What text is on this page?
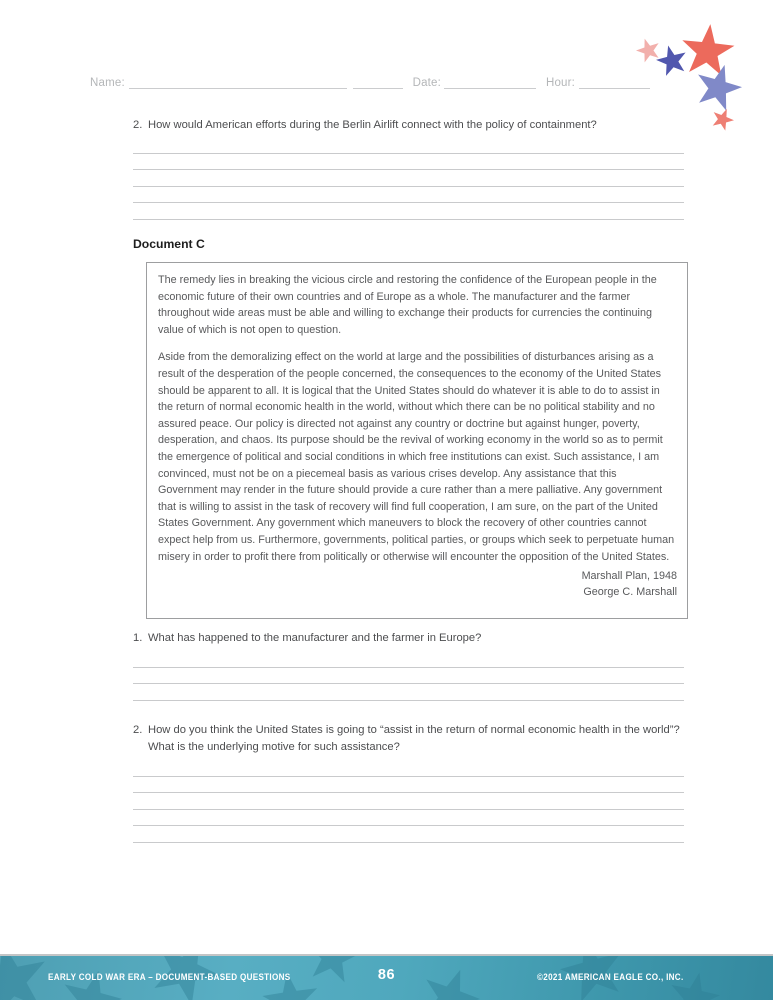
Name:	Date:	Hour:
2. How would American efforts during the Berlin Airlift connect with the policy of containment?
Document C

The remedy lies in breaking the vicious circle and restoring the confidence of the European people in the economic future of their own countries and of Europe as a whole. The manufacturer and the farmer throughout wide areas must be able and willing to exchange their products for currencies the continuing value of which is not open to question.

Aside from the demoralizing effect on the world at large and the possibilities of disturbances arising as a result of the desperation of the people concerned, the consequences to the economy of the United States should be apparent to all. It is logical that the United States should do whatever it is able to do to assist in the return of normal economic health in the world, without which there can be no political stability and no assured peace. Our policy is directed not against any country or doctrine but against hunger, poverty, desperation, and chaos. Its purpose should be the revival of working economy in the world so as to permit the emergence of political and social conditions in which free institutions can exist. Such assistance, I am convinced, must not be on a piecemeal basis as various crises develop. Any assistance that this Government may render in the future should provide a cure rather than a mere palliative. Any government that is willing to assist in the task of recovery will find full cooperation, I am sure, on the part of the United States Government. Any government which maneuvers to block the recovery of other countries cannot expect help from us. Furthermore, governments, political parties, or groups which seek to perpetuate human misery in order to profit there from politically or otherwise will encounter the opposition of the United States.

Marshall Plan, 1948
George C. Marshall
1. What has happened to the manufacturer and the farmer in Europe?
2. How do you think the United States is going to “assist in the return of normal economic health in the world”? What is the underlying motive for such assistance?
EARLY COLD WAR ERA – DOCUMENT-BASED QUESTIONS	86	©2021 AMERICAN EAGLE CO., INC.
